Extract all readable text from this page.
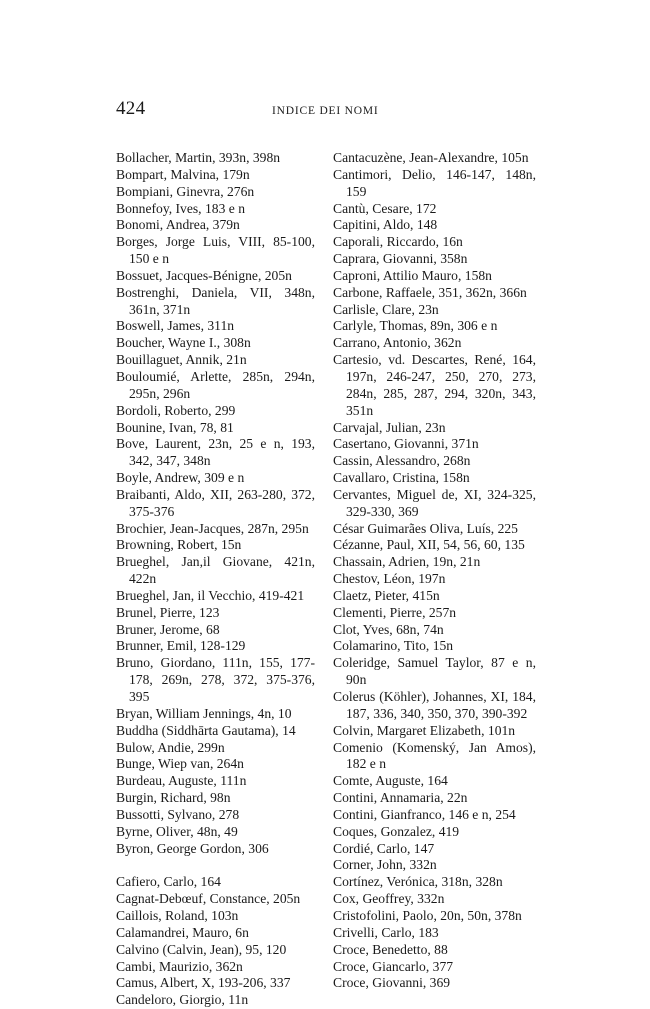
424	INDICE DEI NOMI
Bollacher, Martin, 393n, 398n
Bompart, Malvina, 179n
Bompiani, Ginevra, 276n
Bonnefoy, Ives, 183 e n
Bonomi, Andrea, 379n
Borges, Jorge Luis, VIII, 85-100, 150 e n
Bossuet, Jacques-Bénigne, 205n
Bostrenghi, Daniela, VII, 348n, 361n, 371n
Boswell, James, 311n
Boucher, Wayne I., 308n
Bouillaguet, Annik, 21n
Bouloumié, Arlette, 285n, 294n, 295n, 296n
Bordoli, Roberto, 299
Bounine, Ivan, 78, 81
Bove, Laurent, 23n, 25 e n, 193, 342, 347, 348n
Boyle, Andrew, 309 e n
Braibanti, Aldo, XII, 263-280, 372, 375-376
Brochier, Jean-Jacques, 287n, 295n
Browning, Robert, 15n
Brueghel, Jan,il Giovane, 421n, 422n
Brueghel, Jan, il Vecchio, 419-421
Brunel, Pierre, 123
Bruner, Jerome, 68
Brunner, Emil, 128-129
Bruno, Giordano, 111n, 155, 177-178, 269n, 278, 372, 375-376, 395
Bryan, William Jennings, 4n, 10
Buddha (Siddhārta Gautama), 14
Bulow, Andie, 299n
Bunge, Wiep van, 264n
Burdeau, Auguste, 111n
Burgin, Richard, 98n
Bussotti, Sylvano, 278
Byrne, Oliver, 48n, 49
Byron, George Gordon, 306
Cafiero, Carlo, 164
Cagnat-Debœuf, Constance, 205n
Caillois, Roland, 103n
Calamandrei, Mauro, 6n
Calvino (Calvin, Jean), 95, 120
Cambi, Maurizio, 362n
Camus, Albert, X, 193-206, 337
Candeloro, Giorgio, 11n
Cantacuzène, Jean-Alexandre, 105n
Cantimori, Delio, 146-147, 148n, 159
Cantù, Cesare, 172
Capitini, Aldo, 148
Caporali, Riccardo, 16n
Caprara, Giovanni, 358n
Caproni, Attilio Mauro, 158n
Carbone, Raffaele, 351, 362n, 366n
Carlisle, Clare, 23n
Carlyle, Thomas, 89n, 306 e n
Carrano, Antonio, 362n
Cartesio, vd. Descartes, René, 164, 197n, 246-247, 250, 270, 273, 284n, 285, 287, 294, 320n, 343, 351n
Carvajal, Julian, 23n
Casertano, Giovanni, 371n
Cassin, Alessandro, 268n
Cavallaro, Cristina, 158n
Cervantes, Miguel de, XI, 324-325, 329-330, 369
César Guimarães Oliva, Luís, 225
Cézanne, Paul, XII, 54, 56, 60, 135
Chassain, Adrien, 19n, 21n
Chestov, Léon, 197n
Claetz, Pieter, 415n
Clementi, Pierre, 257n
Clot, Yves, 68n, 74n
Colamarino, Tito, 15n
Coleridge, Samuel Taylor, 87 e n, 90n
Colerus (Köhler), Johannes, XI, 184, 187, 336, 340, 350, 370, 390-392
Colvin, Margaret Elizabeth, 101n
Comenio (Komenský, Jan Amos), 182 e n
Comte, Auguste, 164
Contini, Annamaria, 22n
Contini, Gianfranco, 146 e n, 254
Coques, Gonzalez, 419
Cordié, Carlo, 147
Corner, John, 332n
Cortínez, Verónica, 318n, 328n
Cox, Geoffrey, 332n
Cristofolini, Paolo, 20n, 50n, 378n
Crivelli, Carlo, 183
Croce, Benedetto, 88
Croce, Giancarlo, 377
Croce, Giovanni, 369
